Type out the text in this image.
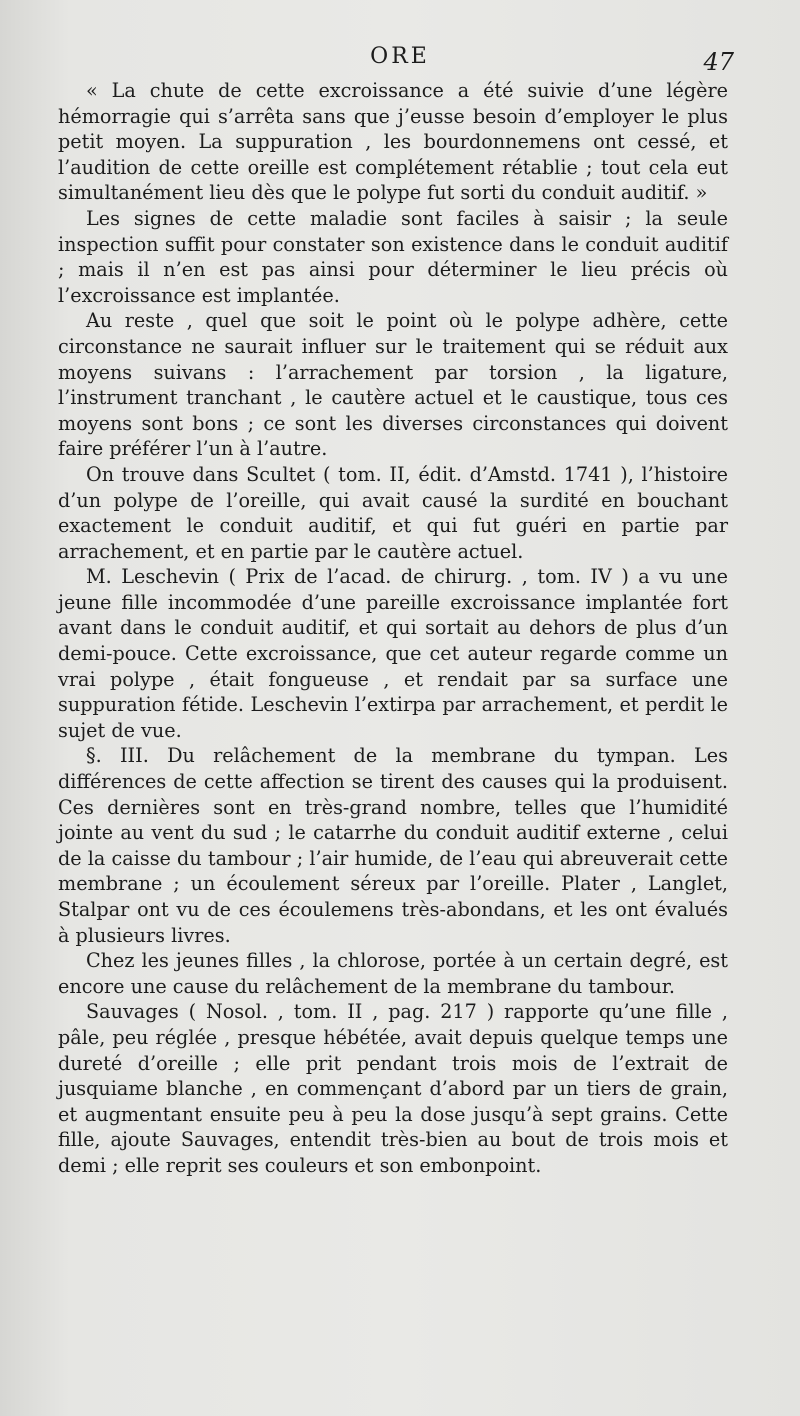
ORE	47

« La chute de cette excroissance a été suivie d’une légère hémorragie qui s’arrêta sans que j’eusse besoin d’employer le plus petit moyen. La suppuration , les bourdonnemens ont cessé, et l’audition de cette oreille est complétement rétablie ; tout cela eut simultanément lieu dès que le polype fut sorti du conduit auditif. »

Les signes de cette maladie sont faciles à saisir ; la seule inspection suffit pour constater son existence dans le conduit auditif ; mais il n’en est pas ainsi pour déterminer le lieu précis où l’excroissance est implantée.

Au reste , quel que soit le point où le polype adhère, cette circonstance ne saurait influer sur le traitement qui se réduit aux moyens suivans : l’arrachement par torsion , la ligature, l’instrument tranchant , le cautère actuel et le caustique, tous ces moyens sont bons ; ce sont les diverses circonstances qui doivent faire préférer l’un à l’autre.

On trouve dans Scultet ( tom. II, édit. d’Amstd. 1741 ), l’histoire d’un polype de l’oreille, qui avait causé la surdité en bouchant exactement le conduit auditif, et qui fut guéri en partie par arrachement, et en partie par le cautère actuel.

M. Leschevin ( Prix de l’acad. de chirurg. , tom. IV ) a vu une jeune fille incommodée d’une pareille excroissance implantée fort avant dans le conduit auditif, et qui sortait au dehors de plus d’un demi-pouce. Cette excroissance, que cet auteur regarde comme un vrai polype , était fongueuse , et rendait par sa surface une suppuration fétide. Leschevin l’extirpa par arrachement, et perdit le sujet de vue.

§. III. Du relâchement de la membrane du tympan. Les différences de cette affection se tirent des causes qui la produisent. Ces dernières sont en très-grand nombre, telles que l’humidité jointe au vent du sud ; le catarrhe du conduit auditif externe , celui de la caisse du tambour ; l’air humide, de l’eau qui abreuverait cette membrane ; un écoulement séreux par l’oreille. Plater , Langlet, Stalpar ont vu de ces écoulemens très-abondans, et les ont évalués à plusieurs livres.

Chez les jeunes filles , la chlorose, portée à un certain degré, est encore une cause du relâchement de la membrane du tambour.

Sauvages ( Nosol. , tom. II , pag. 217 ) rapporte qu’une fille , pâle, peu réglée , presque hébétée, avait depuis quelque temps une dureté d’oreille ; elle prit pendant trois mois de l’extrait de jusquiame blanche , en commençant d’abord par un tiers de grain, et augmentant ensuite peu à peu la dose jusqu’à sept grains. Cette fille, ajoute Sauvages, entendit très-bien au bout de trois mois et demi ; elle reprit ses couleurs et son embonpoint.
